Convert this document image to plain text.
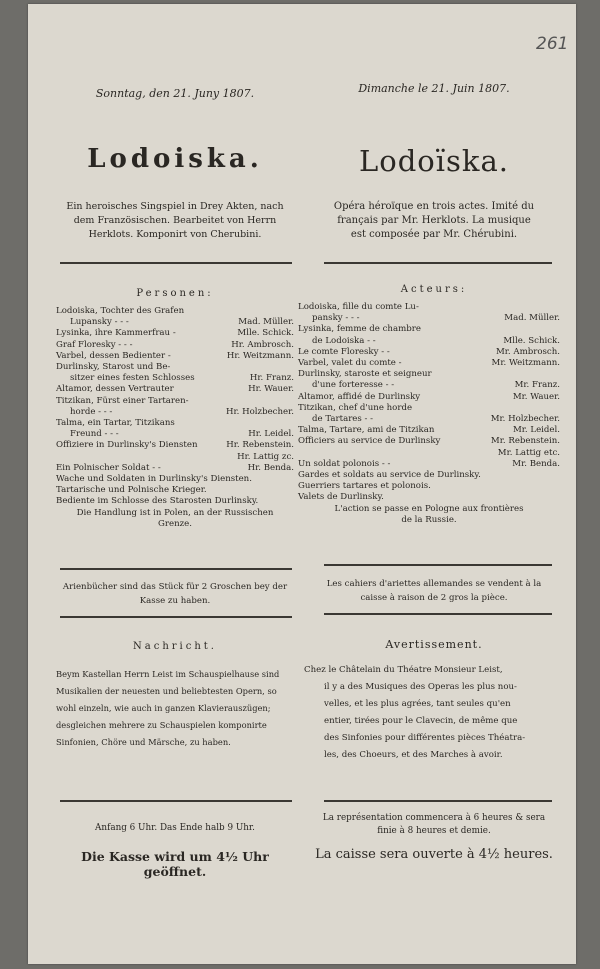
261
Sonntag, den 21. Juny 1807.
Lodoiska.
Ein heroisches Singspiel in Drey Akten, nach
dem Französischen. Bearbeitet von Herrn
Herklots. Komponirt von Cherubini.
Personen:
Lodoiska, Tochter des Grafen
Lupansky - - -	Mad. Müller.
Lysinka, ihre Kammerfrau -	Mlle. Schick.
Graf Floresky - - -	Hr. Ambrosch.
Varbel, dessen Bedienter -	Hr. Weitzmann.
Durlinsky, Starost und Be-
sitzer eines festen Schlosses	Hr. Franz.
Altamor, dessen Vertrauter	Hr. Wauer.
Titzikan, Fürst einer Tartaren-
horde - - -	Hr. Holzbecher.
Talma, ein Tartar, Titzikans
Freund - - -	Hr. Leidel.
Offiziere in Durlinsky's Diensten	Hr. Rebenstein.
Hr. Lattig zc.
Ein Polnischer Soldat - -	Hr. Benda.
Wache und Soldaten in Durlinsky's Diensten.
Tartarische und Polnische Krieger.
Bediente im Schlosse des Starosten Durlinsky.
Die Handlung ist in Polen, an der Russischen
Grenze.
Arienbücher sind das Stück für 2 Groschen bey der
Kasse zu haben.
Nachricht.
Beym Kastellan Herrn Leist im Schauspielhause sind
Musikalien der neuesten und beliebtesten Opern, so
wohl einzeln, wie auch in ganzen Klavierauszügen;
desgleichen mehrere zu Schauspielen komponirte
Sinfonien, Chöre und Märsche, zu haben.
Anfang 6 Uhr. Das Ende halb 9 Uhr.
Die Kasse wird um 4½ Uhr geöffnet.
Dimanche le 21. Juin 1807.
Lodoïska.
Opéra héroïque en trois actes. Imité du
français par Mr. Herklots. La musique
est composée par Mr. Chérubini.
Acteurs:
Lodoiska, fille du comte Lu-
pansky - - -	Mad. Müller.
Lysinka, femme de chambre
de Lodoiska - -	Mlle. Schick.
Le comte Floresky - -	Mr. Ambrosch.
Varbel, valet du comte -	Mr. Weitzmann.
Durlinsky, staroste et seigneur
d'une forteresse - -	Mr. Franz.
Altamor, affidé de Durlinsky	Mr. Wauer.
Titzikan, chef d'une horde
de Tartares - -	Mr. Holzbecher.
Talma, Tartare, ami de Titzikan	Mr. Leidel.
Officiers au service de Durlinsky	Mr. Rebenstein.
Mr. Lattig etc.
Un soldat polonois - -	Mr. Benda.
Gardes et soldats au service de Durlinsky.
Guerriers tartares et polonois.
Valets de Durlinsky.
L'action se passe en Pologne aux frontières
de la Russie.
Les cahiers d'ariettes allemandes se vendent à la
caisse à raison de 2 gros la pièce.
Avertissement.
Chez le Châtelain du Théatre Monsieur Leist,
il y a des Musiques des Operas les plus nou-
velles, et les plus agrées, tant seules qu'en
entier, tirées pour le Clavecin, de même que
des Sinfonies pour différentes pièces Théatra-
les, des Choeurs, et des Marches à avoir.
La représentation commencera à 6 heures & sera
finie à 8 heures et demie.
La caisse sera ouverte à 4½ heures.
